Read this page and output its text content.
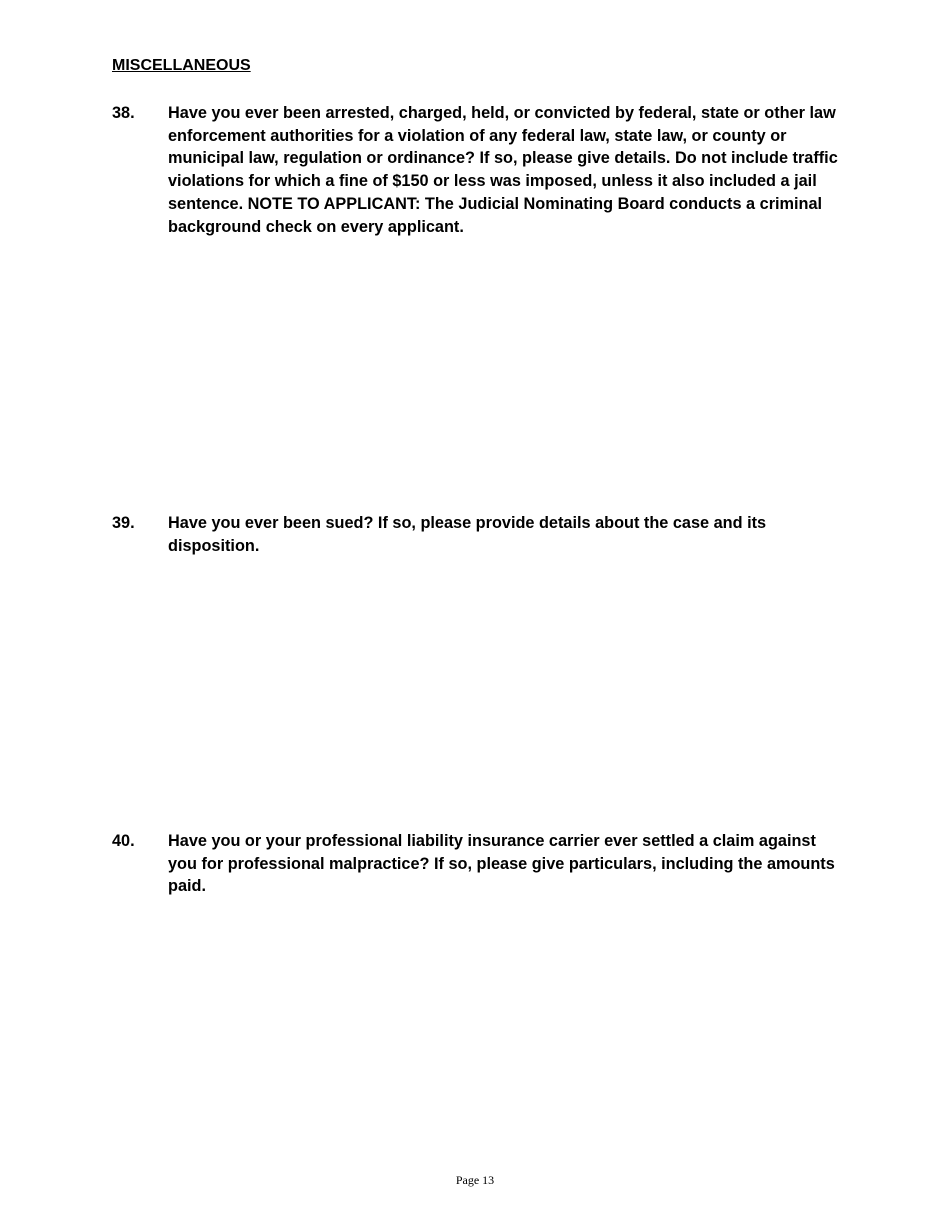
MISCELLANEOUS
38. Have you ever been arrested, charged, held, or convicted by federal, state or other law enforcement authorities for a violation of any federal law, state law, or county or municipal law, regulation or ordinance? If so, please give details. Do not include traffic violations for which a fine of $150 or less was imposed, unless it also included a jail sentence. NOTE TO APPLICANT: The Judicial Nominating Board conducts a criminal background check on every applicant.
39. Have you ever been sued? If so, please provide details about the case and its disposition.
40. Have you or your professional liability insurance carrier ever settled a claim against you for professional malpractice? If so, please give particulars, including the amounts paid.
Page 13
